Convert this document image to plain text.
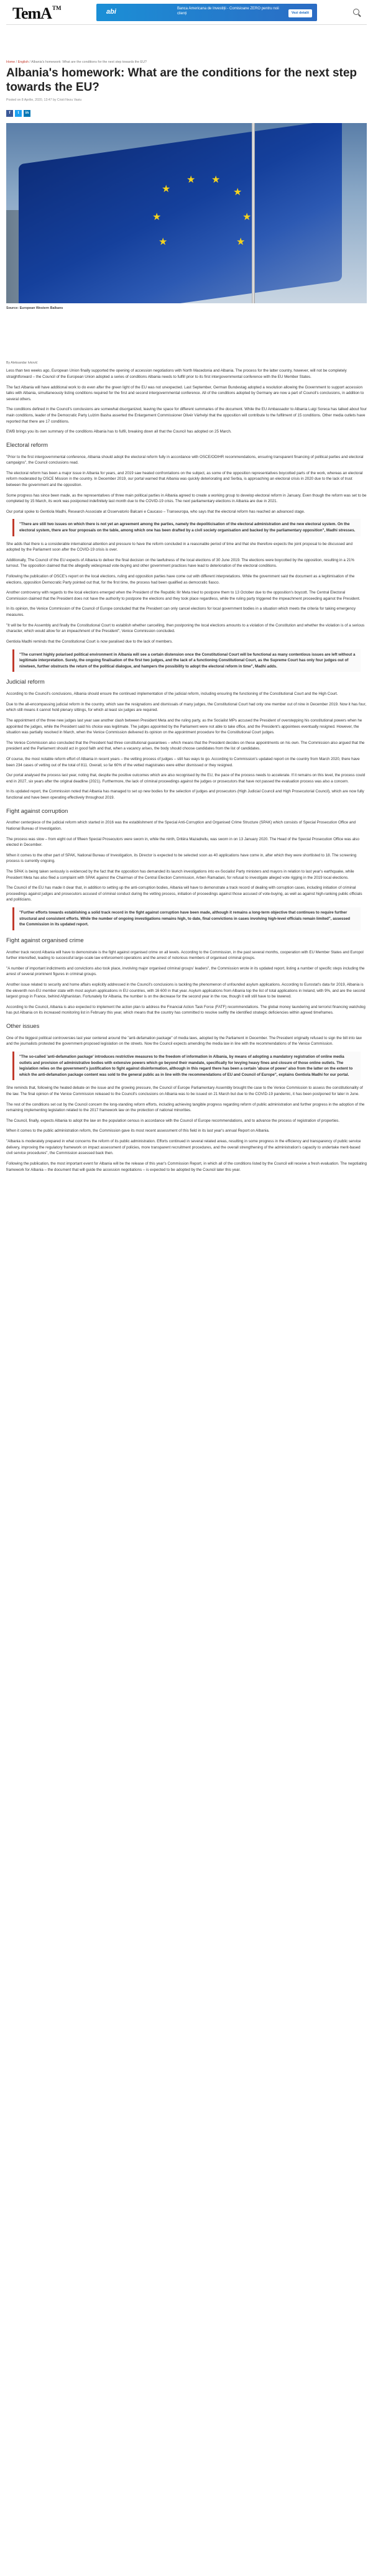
TemA™	abi	Banca Americana de Investiții - Comisioane ZERO pentru noii clienți	Vezi detalii
Home / English / Albania's homework: What are the conditions for the next step towards the EU?
Albania's homework: What are the conditions for the next step towards the EU?
Posted on 8 Aprilie, 2020, 13:47 by Cristi Nezu Vasiu
f	t	in
★
★ ★
★
★
★
★
★
Source: European Western Balkans
By Aleksandar Ivković

Less than two weeks ago, European Union finally supported the opening of accession negotiations with North Macedonia and Albania. The process for the latter country, however, will not be completely straightforward – the Council of the European Union adopted a series of conditions Albania needs to fulfill prior to its first intergovernmental conference with the EU Member States.

The fact Albania will have additional work to do even after the green light of the EU was not unexpected. Last September, German Bundestag adopted a resolution allowing the Government to support accession talks with Albania, simultaneously listing conditions required for the first and second intergovernmental conference. All of the conditions adopted by Germany are now a part of Council's conclusions, in addition to several others.

The conditions defined in the Council's conclusions are somewhat disorganized, leaving the space for different summaries of the document. While the EU Ambassador to Albania Luigi Soreca has talked about four main conditions, leader of the Democratic Party Lulzim Basha asserted the Enlargement Commissioner Olivér Várhelyi that the opposition will contribute to the fulfilment of 15 conditions. Other media outlets have reported that there are 17 conditions.

EWB brings you its own summary of the conditions Albania has to fulfil, breaking down all that the Council has adopted on 25 March.

Electoral reform

"Prior to the first intergovernmental conference, Albania should adopt the electoral reform fully in accordance with OSCE/ODIHR recommendations, ensuring transparent financing of political parties and electoral campaigns", the Council conclusions read.

The electoral reform has been a major issue in Albania for years, and 2019 saw heated confrontations on the subject, as some of the opposition representatives boycotted parts of the work, whereas an electoral reform moderated by OSCE Mission in the country. In December 2019, our portal warned that Albania was quickly deteriorating and Serbia, is approaching an electoral crisis in 2020 due to the lack of trust between the government and the opposition.

Some progress has since been made, as the representatives of three main political parties in Albania agreed to create a working group to develop electoral reform in January. Even though the reform was set to be completed by 15 March, its work was postponed indefinitely last month due to the COVID-19 crisis. The next parliamentary elections in Albania are due in 2021.

Our portal spoke to Gentiola Madhi, Research Associate at Osservatorio Balcani e Caucaso – Transeuropa, who says that the electoral reform has reached an advanced stage.

"There are still two issues on which there is not yet an agreement among the parties, namely the depoliticisation of the electoral administration and the new electoral system. On the electoral system, there are four proposals on the table, among which one has been drafted by a civil society organisation and backed by the parliamentary opposition", Madhi stresses.

She adds that there is a considerable international attention and pressure to have the reform concluded in a reasonable period of time and that she therefore expects the joint proposal to be discussed and adopted by the Parliament soon after the COVID-19 crisis is over.

Additionally, The Council of the EU expects of Albania to deliver the final decision on the lawfulness of the local elections of 30 June 2019. The elections were boycotted by the opposition, resulting in a 21% turnout. The opposition claimed that the allegedly widespread vote-buying and other government practices have lead to deterioration of the electoral conditions.

Following the publication of OSCE's report on the local elections, ruling and opposition parties have come out with different interpretations. While the government said the document as a legitimisation of the elections, opposition Democratic Party pointed out that, for the first time, the process had been qualified as democratic fiasco.

Another controversy with regards to the local elections emerged when the President of the Republic Ilir Meta tried to postpone them to 13 October due to the opposition's boycott. The Central Electoral Commission claimed that the President does not have the authority to postpone the elections and they took place regardless, while the ruling party triggered the impeachment proceeding against the President.

In its opinion, the Venice Commission of the Council of Europe concluded that the President can only cancel elections for local government bodies in a situation which meets the criteria for taking emergency measures.

"It will be for the Assembly and finally the Constitutional Court to establish whether cancelling, then postponing the local elections amounts to a violation of the Constitution and whether the violation is of a serious character, which would allow for an impeachment of the President", Venice Commission concluded.

Gentiola Madhi reminds that the Constitutional Court is now paralised due to the lack of members.

"The current highly polarised political environment in Albania will see a certain distension once the Constitutional Court will be functional as many contentious issues are left without a legitimate interpretation. Surely, the ongoing finalisation of the first two judges, and the lack of a functioning Constitutional Court, as the Supreme Court has only four judges out of nineteen, further obstructs the return of the political dialogue, and hampers the possibility to adopt the electoral reform in time", Madhi adds.
Judicial reform

According to the Council's conclusions, Albania should ensure the continued implementation of the judicial reform, including ensuring the functioning of the Constitutional Court and the High Court.

Due to the all-encompassing judicial reform in the country, which saw the resignations and dismissals of many judges, the Constitutional Court had only one member out of nine in December 2019. Now it has four, which still means it cannot hold plenary sittings, for which at least six judges are required.

The appointment of the three new judges last year saw another clash between President Meta and the ruling party, as the Socialist MPs accused the President of overstepping his constitutional powers when he appointed the judges, while the President said his choice was legitimate. The judges appointed by the Parliament were not able to take office, and the President's appointees eventually resigned. However, the situation was partially resolved in March, when the Venice Commission delivered its opinion on the appointment procedure for the Constitutional Court judges.

The Venice Commission also concluded that the President had three constitutional guarantees – which means that the President decides on these appointments on his own. The Commission also argued that the president and the Parliament should act in good faith and that, when a vacancy arises, the body should choose candidates from the list of candidates.

Of course, the most notable reform effort of Albania in recent years – the vetting process of judges – still has ways to go. According to Commission's updated report on the country from March 2020, there have been 234 cases of vetting out of the total of 811. Overall, so far 60% of the vetted magistrates were either dismissed or they resigned.

Our portal analysed the process last year, noting that, despite the positive outcomes which are also recognised by the EU, the pace of the process needs to accelerate. If it remains on this level, the process could end in 2027, six years after the original deadline (2021). Furthermore, the lack of criminal proceedings against the judges or prosecutors that have not passed the evaluation process was also a concern.

In its updated report, the Commission noted that Albania has managed to set up new bodies for the selection of judges and prosecutors (High Judicial Council and High Prosecutorial Council), which are now fully functional and have been operating effectively throughout 2019.

Fight against corruption

Another centerpiece of the judicial reform which started in 2016 was the establishment of the Special Anti-Corruption and Organised Crime Structure (SPAK) which consists of Special Prosecution Office and National Bureau of Investigation.

The process was slow – from eight out of fifteen Special Prosecutors were sworn in, while the ninth, Dritëra Mazadrellu, was sworn in on 13 January 2020. The Head of the Special Prosecution Office was also elected in December.

When it comes to the other part of SPAK, National Bureau of Investigation, its Director is expected to be selected soon as 40 applications have come in, after which they were shortlisted to 18. The screening process is currently ongoing.

The SPAK is being taken seriously is evidenced by the fact that the opposition has demanded its launch investigations into ex-Socialist Party ministers and mayors in relation to last year's earthquake, while President Meta has also filed a complaint with SPAK against the Chairman of the Central Election Commission, Arben Ramadani, for refusal to investigate alleged vote rigging in the 2019 local elections.

The Council of the EU has made it clear that, in addition to setting up the anti-corruption bodies, Albania will have to demonstrate a track record of dealing with corruption cases, including initiation of criminal proceedings against judges and prosecutors accused of criminal conduct during the vetting process, initiation of proceedings against those accused of vote-buying, as well as against high-ranking public officials and politicians.

"Further efforts towards establishing a solid track record in the fight against corruption have been made, although it remains a long-term objective that continues to require further structural and consistent efforts. While the number of ongoing investigations remains high, to date, final convictions in cases involving high-level officials remain limited", assessed the Commission in its updated report.
Fight against organised crime

Another track record Albania will have to demonstrate is the fight against organised crime on all levels. According to the Commission, in the past several months, cooperation with EU Member States and Europol further intensified, leading to successful large-scale law enforcement operations and the arrest of notorious members of organised criminal groups.

"A number of important indictments and convictions also took place, involving major organised criminal groups' leaders", the Commission wrote in its updated report, listing a number of specific steps including the arrest of several prominent figures in criminal groups.

Another issue related to security and home affairs explicitly addressed in the Council's conclusions is tackling the phenomenon of unfounded asylum applications. According to Eurostat's data for 2019, Albania is the eleventh non-EU member state with most asylum applications in EU countries, with 16 600 in that year. Asylum applications from Albania top the list of total applications in Ireland, with 9%, and are the second largest group in France, behind Afghanistan. Fortunately for Albania, the number is on the decrease for the second year in the row, though it will still have to be lowered.

According to the Council, Albania is also expected to implement the action plan to address the Financial Action Task Force (FATF) recommendations. The global money laundering and terrorist financing watchdog has put Albania on its increased monitoring list in February this year, which means that the country has committed to resolve swiftly the identified strategic deficiencies within agreed timeframes.

Other issues

One of the biggest political controversies last year centered around the "anti-defamation package" of media laws, adopted by the Parliament in December. The President originally refused to sign the bill into law and the journalists protested the government-proposed legislation on the streets. Now the Council expects amending the media law in line with the recommendations of the Venice Commission.

"The so-called 'anti-defamation package' introduces restrictive measures to the freedom of information in Albania, by means of adopting a mandatory registration of online media outlets and provision of administrative bodies with extensive powers which go beyond their mandate, specifically for levying heavy fines and closure of those online outlets. The legislation relies on the government's justification to fight against disinformation, although in this regard there has been a certain 'abuse of power' also from the latter on the extent to which the anti-defamation package content was sold to the general public as in line with the recommendations of EU and Council of Europe", explains Gentiola Madhi for our portal.

She reminds that, following the heated debate on the issue and the growing pressure, the Council of Europe Parliamentary Assembly brought the case to the Venice Commission to assess the constitutionality of the law. The final opinion of the Venice Commission released to the Council's conclusions on Albania was to be issued on 21 March but due to the COVID-19 pandemic, it has been postponed for later in June.

The rest of the conditions set out by the Council concern the long-standing reform efforts, including achieving tangible progress regarding reform of public administration and further progress in the adoption of the remaining implementing legislation related to the 2017 framework law on the protection of national minorities.

The Council, finally, expects Albania to adopt the law on the population census in accordance with the Council of Europe recommendations, and to advance the process of registration of properties.

When it comes to the public administration reform, the Commission gave its most recent assessment of this field in its last year's annual Report on Albania.

"Albania is moderately prepared in what concerns the reform of its public administration. Efforts continued in several related areas, resulting in some progress in the efficiency and transparency of public service delivery, improving the regulatory framework on impact assessment of policies, more transparent recruitment procedures, and the overall strengthening of the administration's capacity to undertake merit-based civil service procedures", the Commission assessed back then.

Following the publication, the most important event for Albania will be the release of this year's Commission Report, in which all of the conditions listed by the Council will receive a fresh evaluation. The negotiating framework for Albania – the document that will guide the accession negotiations – is expected to be adopted by the Council later this year.
